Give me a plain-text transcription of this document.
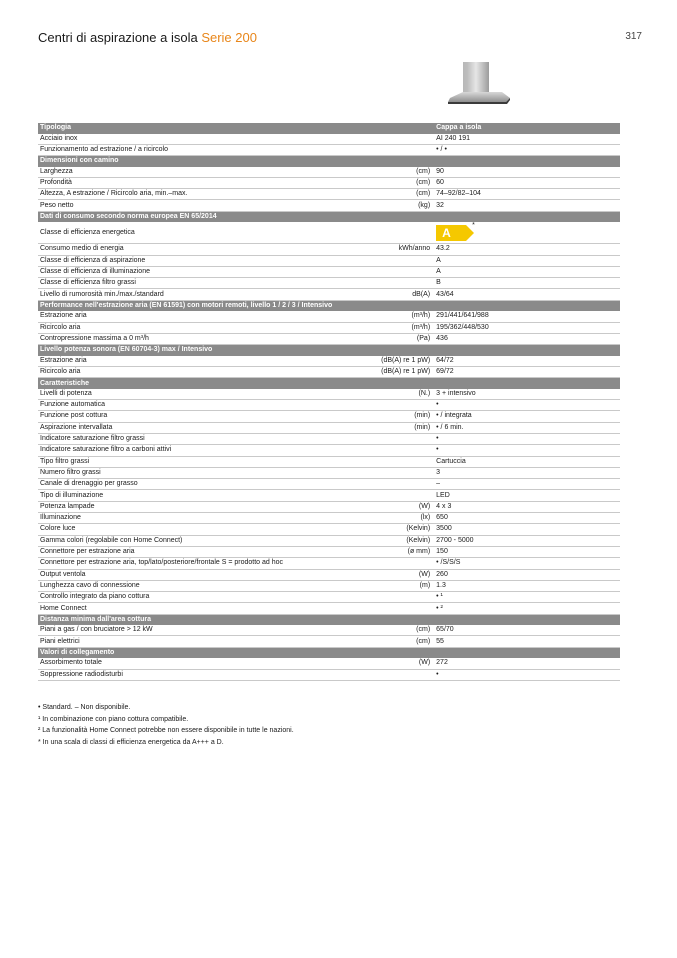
Centri di aspirazione a isola Serie 200	317
Tipologia		Cappa a isola
Acciaio inox		AI 240 191
Funzionamento ad estrazione / a ricircolo		• / •
Dimensioni con camino		
Larghezza	(cm)	90
Profondità	(cm)	60
Altezza, A estrazione / Ricircolo aria, min.–max.	(cm)	74–92/82–104
Peso netto	(kg)	32
Dati di consumo secondo norma europea EN 65/2014		
Classe di efficienza energetica		A
*

Consumo medio di energia	kWh/anno	43.2
Classe di efficienza di aspirazione		A
Classe di efficienza di illuminazione		A
Classe di efficienza filtro grassi		B
Livello di rumorosità min./max./standard	dB(A)	43/64
Performance nell'estrazione aria (EN 61591) con motori remoti, livello 1 / 2 / 3 / Intensivo		
Estrazione aria	(m³/h)	291/441/641/988
Ricircolo aria	(m³/h)	195/362/448/530
Contropressione massima a 0 m³/h	(Pa)	436
Livello potenza sonora (EN 60704-3) max / Intensivo		
Estrazione aria	(dB(A) re 1 pW)	64/72
Ricircolo aria	(dB(A) re 1 pW)	69/72
Caratteristiche		
Livelli di potenza	(N.)	3 + intensivo
Funzione automatica		•
Funzione post cottura	(min)	• / integrata
Aspirazione intervallata	(min)	• / 6 min.
Indicatore saturazione filtro grassi		•
Indicatore saturazione filtro a carboni attivi		•
Tipo filtro grassi		Cartuccia
Numero filtro grassi		3
Canale di drenaggio per grasso		–
Tipo di illuminazione		LED
Potenza lampade	(W)	4 x 3
Illuminazione	(lx)	650
Colore luce	(Kelvin)	3500
Gamma colori (regolabile con Home Connect)	(Kelvin)	2700 - 5000
Connettore per estrazione aria	(ø mm)	150
Connettore per estrazione aria, top/lato/posteriore/frontale S = prodotto ad hoc		• /S/S/S
Output ventola	(W)	260
Lunghezza cavo di connessione	(m)	1.3
Controllo integrato da piano cottura		• ¹
Home Connect		• ²
Distanza minima dall'area cottura		
Piani a gas / con bruciatore > 12 kW	(cm)	65/70
Piani elettrici	(cm)	55
Valori di collegamento		
Assorbimento totale	(W)	272
Soppressione radiodisturbi		•
• Standard. – Non disponibile.
¹ In combinazione con piano cottura compatibile.
² La funzionalità Home Connect potrebbe non essere disponibile in tutte le nazioni.
* In una scala di classi di efficienza energetica da A+++ a D.
